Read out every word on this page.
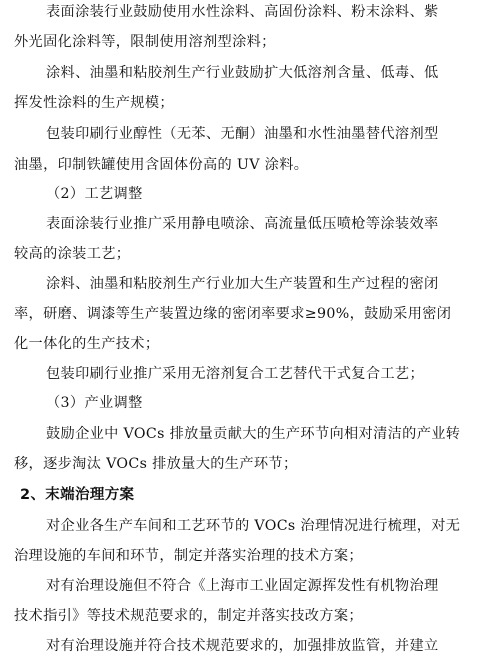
表面涂装行业鼓励使用水性涂料、高固份涂料、粉末涂料、紫
外光固化涂料等，限制使用溶剂型涂料；
涂料、油墨和粘胶剂生产行业鼓励扩大低溶剂含量、低毒、低
挥发性涂料的生产规模；
包装印刷行业醇性（无苯、无酮）油墨和水性油墨替代溶剂型
油墨，印制铁罐使用含固体份高的 UV 涂料。
（2）工艺调整
表面涂装行业推广采用静电喷涂、高流量低压喷枪等涂装效率
较高的涂装工艺；
涂料、油墨和粘胶剂生产行业加大生产装置和生产过程的密闭
率，研磨、调漆等生产装置边缘的密闭率要求≥90%，鼓励采用密闭
化一体化的生产技术；
包装印刷行业推广采用无溶剂复合工艺替代干式复合工艺；
（3）产业调整
鼓励企业中 VOCs 排放量贡献大的生产环节向相对清洁的产业转
移，逐步淘汰 VOCs 排放量大的生产环节；
2、末端治理方案
对企业各生产车间和工艺环节的 VOCs 治理情况进行梳理，对无
治理设施的车间和环节，制定并落实治理的技术方案；
对有治理设施但不符合《上海市工业固定源挥发性有机物治理
技术指引》等技术规范要求的，制定并落实技改方案；
对有治理设施并符合技术规范要求的，加强排放监管，并建立
